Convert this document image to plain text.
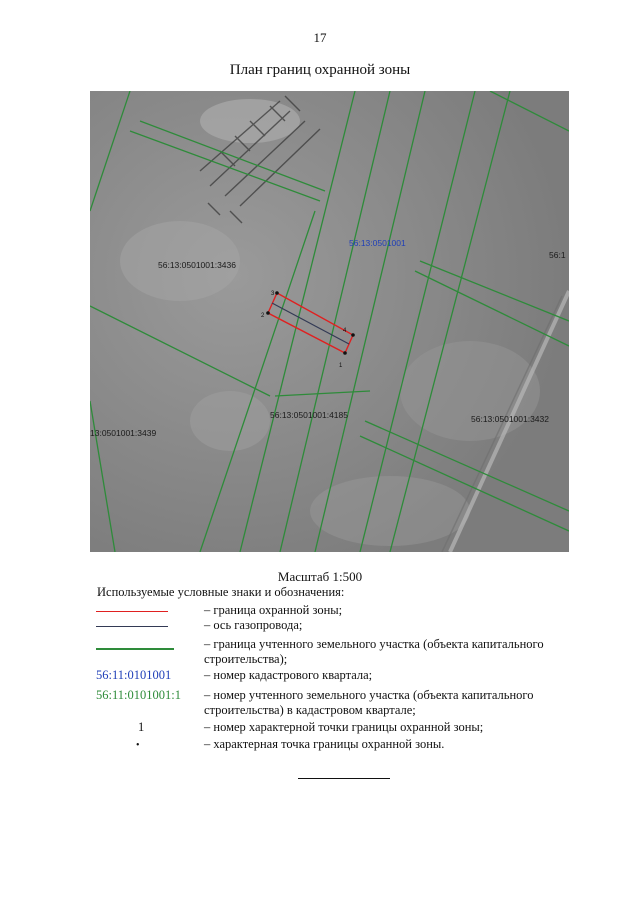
17
План границ охранной зоны
3
2
1
4
56:13:0501001
56:13:0501001:3436
56:1
56:13:0501001:4185
13:0501001:3439
56:13:0501001:3432
Масштаб 1:500
Используемые условные знаки и обозначения:
– граница охранной зоны;
– ось газопровода;
– граница учтенного земельного участка (объекта капитального строительства);
56:11:0101001	– номер кадастрового квартала;
56:11:0101001:1 – номер учтенного земельного участка (объекта капитального строительства) в кадастровом квартале;
1	– номер характерной точки границы охранной зоны;
•	– характерная точка границы охранной зоны.
